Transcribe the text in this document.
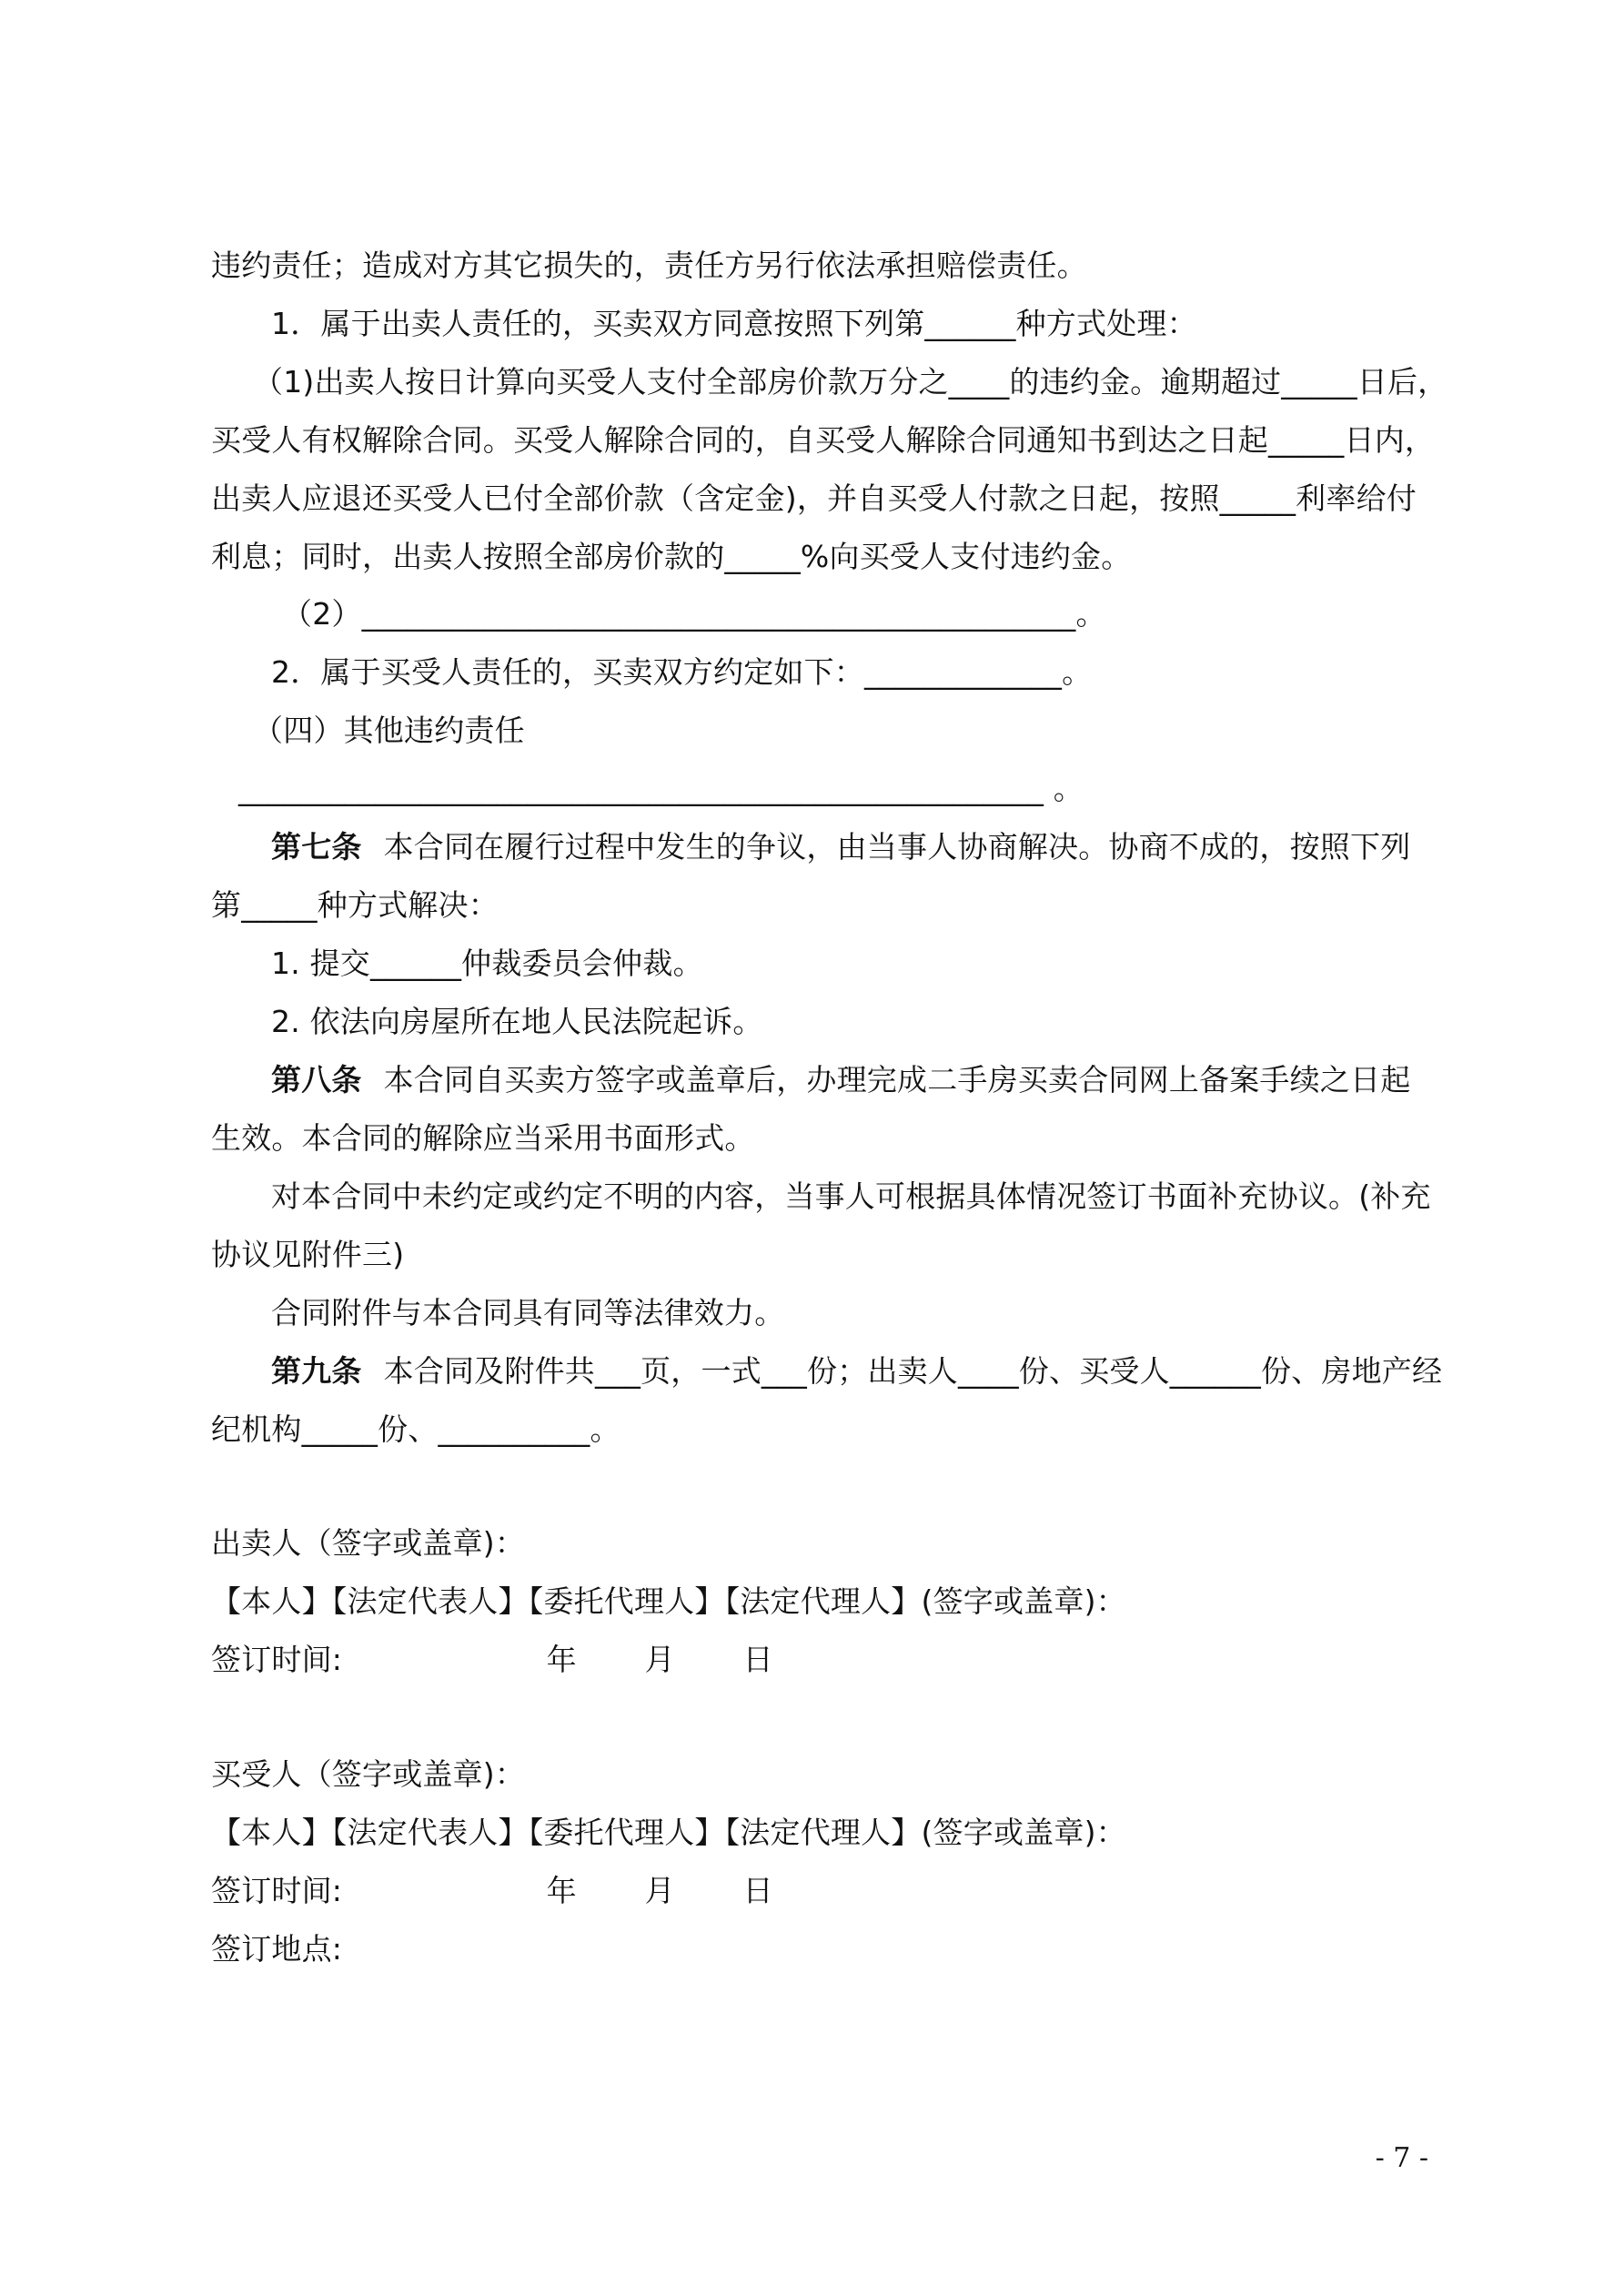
违约责任；造成对方其它损失的，责任方另行依法承担赔偿责任。
1．属于出卖人责任的，买卖双方同意按照下列第______种方式处理：
（1)出卖人按日计算向买受人支付全部房价款万分之____的违约金。逾期超过_____日后，
买受人有权解除合同。买受人解除合同的，自买受人解除合同通知书到达之日起_____日内，
出卖人应退还买受人已付全部价款（含定金)，并自买受人付款之日起，按照_____利率给付
利息；同时，出卖人按照全部房价款的_____%向买受人支付违约金。
（2）_______________________________________________。
2．属于买受人责任的，买卖双方约定如下：_____________。
（四）其他违约责任
_____________________________________________________ 。
第七条 本合同在履行过程中发生的争议，由当事人协商解决。协商不成的，按照下列
第_____种方式解决：
1. 提交______仲裁委员会仲裁。
2. 依法向房屋所在地人民法院起诉。
第八条 本合同自买卖方签字或盖章后，办理完成二手房买卖合同网上备案手续之日起
生效。本合同的解除应当采用书面形式。
对本合同中未约定或约定不明的内容，当事人可根据具体情况签订书面补充协议。(补充
协议见附件三)
合同附件与本合同具有同等法律效力。
第九条 本合同及附件共___页，一式___份；出卖人____份、买受人______份、房地产经
纪机构_____份、__________。
出卖人（签字或盖章)：
【本人】【法定代表人】【委托代理人】【法定代理人】(签字或盖章)：
签订时间:                     年       月       日
买受人（签字或盖章)：
【本人】【法定代表人】【委托代理人】【法定代理人】(签字或盖章)：
签订时间:                     年       月       日
签订地点:
- 7 -
